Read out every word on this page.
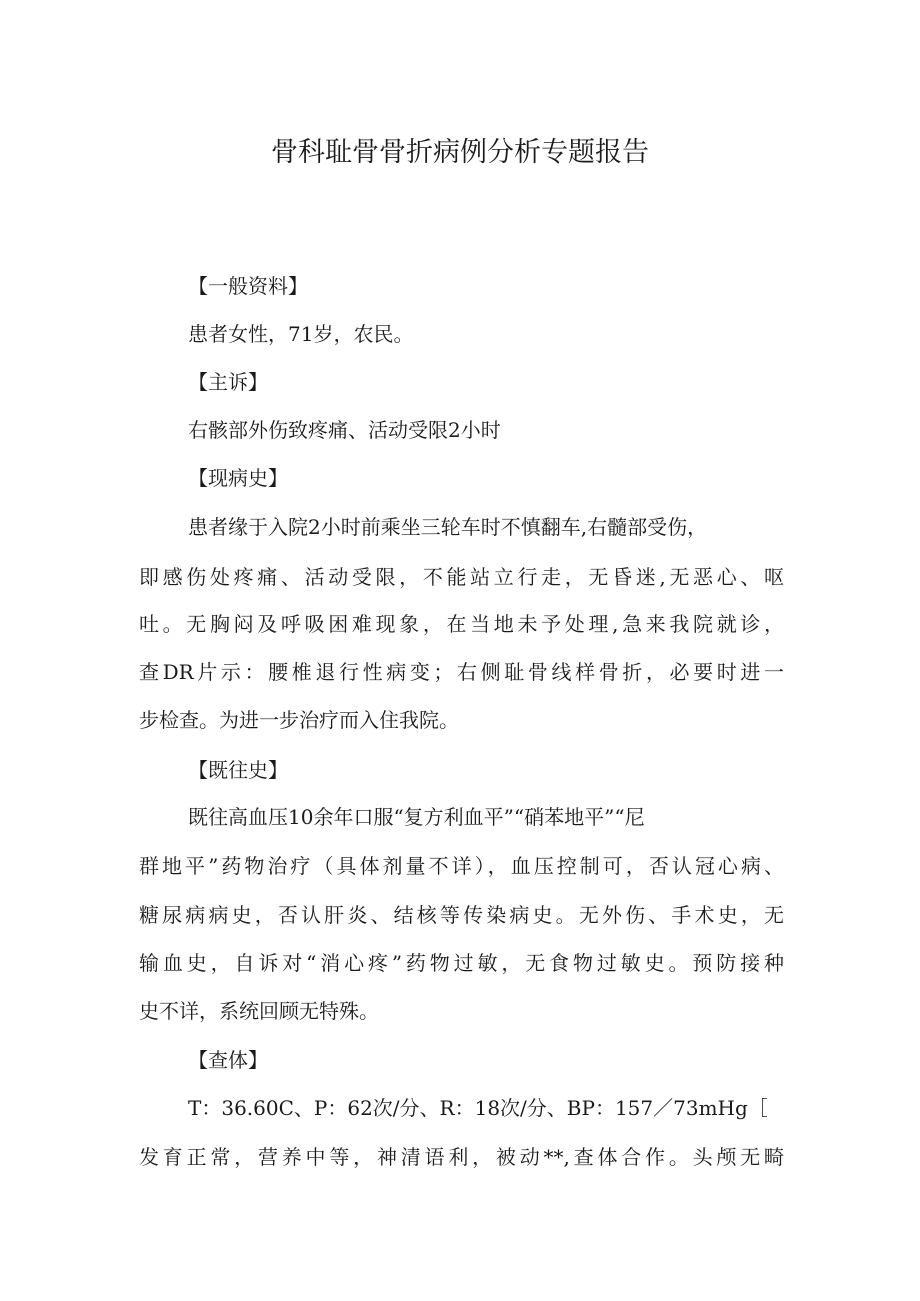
骨科耻骨骨折病例分析专题报告

【一般资料】

患者女性，71岁，农民。

【主诉】

右骸部外伤致疼痛、活动受限2小时

【现病史】

患者缘于入院2小时前乘坐三轮车时不慎翻车,右髓部受伤，

即感伤处疼痛、活动受限，不能站立行走，无昏迷,无恶心、呕

吐。无胸闷及呼吸困难现象，在当地未予处理,急来我院就诊，

查DR片示：腰椎退行性病变；右侧耻骨线样骨折，必要时进一

步检查。为进一步治疗而入住我院。

【既往史】

既往高血压10余年口服“复方利血平”“硝苯地平”“尼

群地平”药物治疗（具体剂量不详），血压控制可，否认冠心病、

糖尿病病史，否认肝炎、结核等传染病史。无外伤、手术史，无

输血史，自诉对“消心疼”药物过敏，无食物过敏史。预防接种

史不详，系统回顾无特殊。

【查体】

T：36.60C、P：62次/分、R：18次/分、BP：157／73mHg［

发育正常，营养中等，神清语利，被动**,查体合作。头颅无畸
